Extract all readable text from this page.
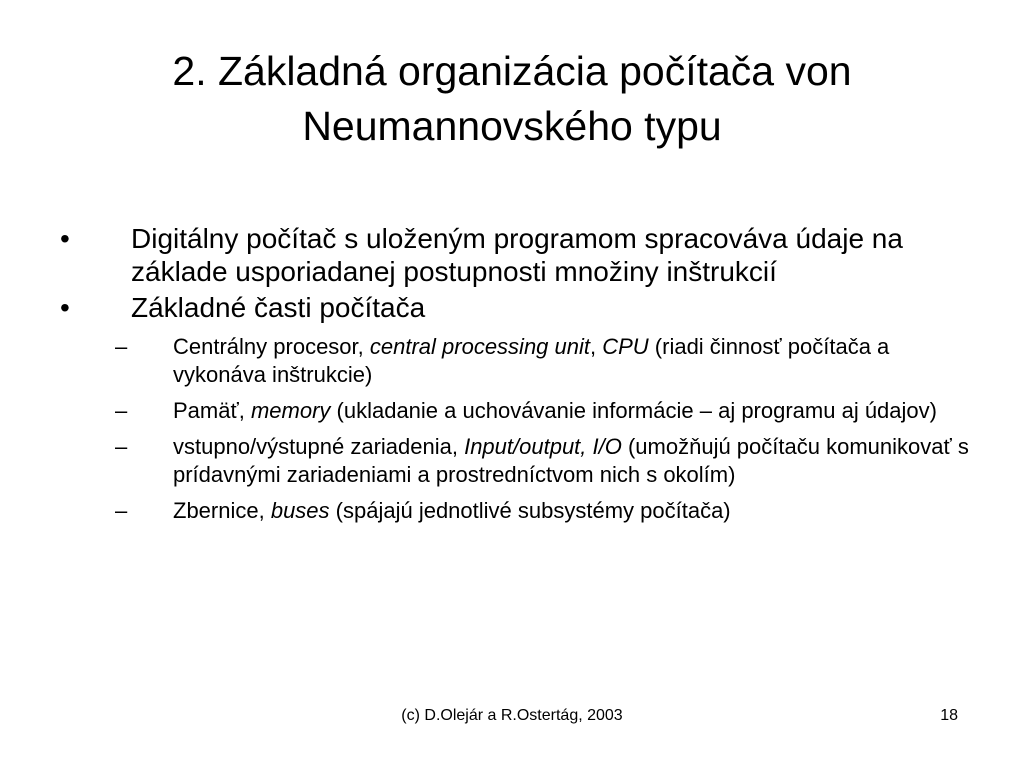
2. Základná organizácia počítača von Neumannovského typu
• Digitálny počítač s uloženým programom spracováva údaje na základe usporiadanej postupnosti množiny inštrukcií
• Základné časti počítača
– Centrálny procesor, central processing unit, CPU (riadi činnosť počítača a vykonáva inštrukcie)
– Pamäť, memory (ukladanie a uchovávanie informácie – aj programu aj údajov)
– vstupno/výstupné zariadenia, Input/output, I/O (umožňujú počítaču komunikovať s prídavnými zariadeniami a prostredníctvom nich s okolím)
– Zbernice, buses (spájajú jednotlivé subsystémy počítača)
(c) D.Olejár a R.Ostertág, 2003	18
